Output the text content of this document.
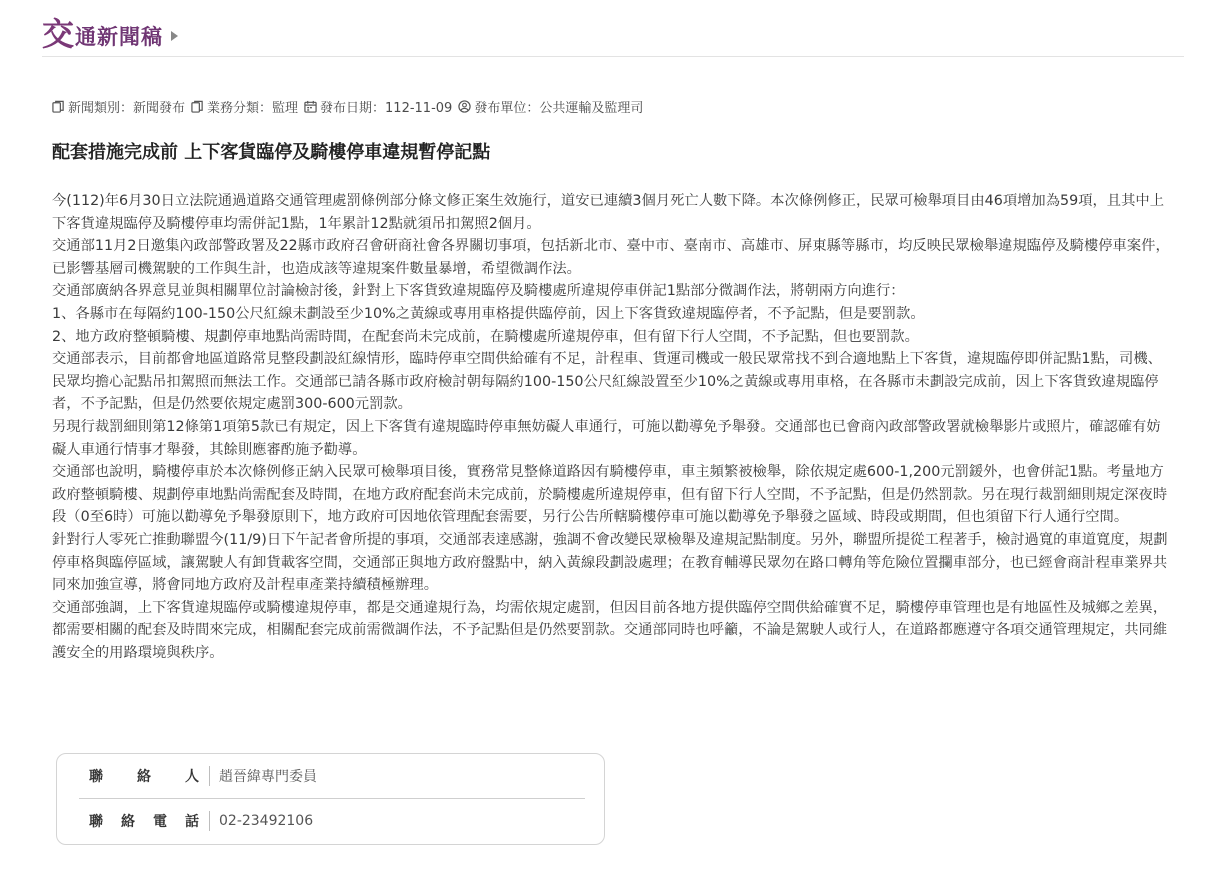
交 通新聞稿
新聞類別：新聞發布 業務分類：監理 發布日期：112-11-09 發布單位：公共運輸及監理司
配套措施完成前 上下客貨臨停及騎樓停車違規暫停記點

今(112)年6月30日立法院通過道路交通管理處罰條例部分條文修正案生效施行，道安已連續3個月死亡人數下降。本次條例修正，民眾可檢舉項目由46項增加為59項，且其中上下客貨違規臨停及騎樓停車均需併記1點，1年累計12點就須吊扣駕照2個月。

交通部11月2日邀集內政部警政署及22縣市政府召會研商社會各界關切事項，包括新北市、臺中市、臺南市、高雄市、屏東縣等縣市，均反映民眾檢舉違規臨停及騎樓停車案件，已影響基層司機駕駛的工作與生計，也造成該等違規案件數量暴增，希望微調作法。

交通部廣納各界意見並與相關單位討論檢討後，針對上下客貨致違規臨停及騎樓處所違規停車併記1點部分微調作法，將朝兩方向進行：

1、各縣市在每隔約100-150公尺紅線未劃設至少10%之黃線或專用車格提供臨停前，因上下客貨致違規臨停者，不予記點，但是要罰款。

2、地方政府整頓騎樓、規劃停車地點尚需時間，在配套尚未完成前，在騎樓處所違規停車，但有留下行人空間，不予記點，但也要罰款。

交通部表示，目前都會地區道路常見整段劃設紅線情形，臨時停車空間供給確有不足，計程車、貨運司機或一般民眾常找不到合適地點上下客貨，違規臨停即併記點1點，司機、民眾均擔心記點吊扣駕照而無法工作。交通部已請各縣市政府檢討朝每隔約100-150公尺紅線設置至少10%之黃線或專用車格，在各縣市未劃設完成前，因上下客貨致違規臨停者，不予記點，但是仍然要依規定處罰300-600元罰款。

另現行裁罰細則第12條第1項第5款已有規定，因上下客貨有違規臨時停車無妨礙人車通行，可施以勸導免予舉發。交通部也已會商內政部警政署就檢舉影片或照片，確認確有妨礙人車通行情事才舉發，其餘則應審酌施予勸導。

交通部也說明，騎樓停車於本次條例修正納入民眾可檢舉項目後，實務常見整條道路因有騎樓停車，車主頻繁被檢舉，除依規定處600-1,200元罰鍰外，也會併記1點。考量地方政府整頓騎樓、規劃停車地點尚需配套及時間，在地方政府配套尚未完成前，於騎樓處所違規停車，但有留下行人空間，不予記點，但是仍然罰款。另在現行裁罰細則規定深夜時段（0至6時）可施以勸導免予舉發原則下，地方政府可因地依管理配套需要，另行公告所轄騎樓停車可施以勸導免予舉發之區域、時段或期間，但也須留下行人通行空間。

針對行人零死亡推動聯盟今(11/9)日下午記者會所提的事項，交通部表達感謝，強調不會改變民眾檢舉及違規記點制度。另外，聯盟所提從工程著手，檢討過寬的車道寬度，規劃停車格與臨停區域，讓駕駛人有卸貨載客空間，交通部正與地方政府盤點中，納入黃線段劃設處理；在教育輔導民眾勿在路口轉角等危險位置攔車部分，也已經會商計程車業界共同來加強宣導，將會同地方政府及計程車產業持續積極辦理。

交通部強調，上下客貨違規臨停或騎樓違規停車，都是交通違規行為，均需依規定處罰，但因目前各地方提供臨停空間供給確實不足，騎樓停車管理也是有地區性及城鄉之差異，都需要相關的配套及時間來完成，相關配套完成前需微調作法，不予記點但是仍然要罰款。交通部同時也呼籲，不論是駕駛人或行人，在道路都應遵守各項交通管理規定，共同維護安全的用路環境與秩序。

聯 絡 人 趙晉緯專門委員
聯 絡 電 話 02-23492106
